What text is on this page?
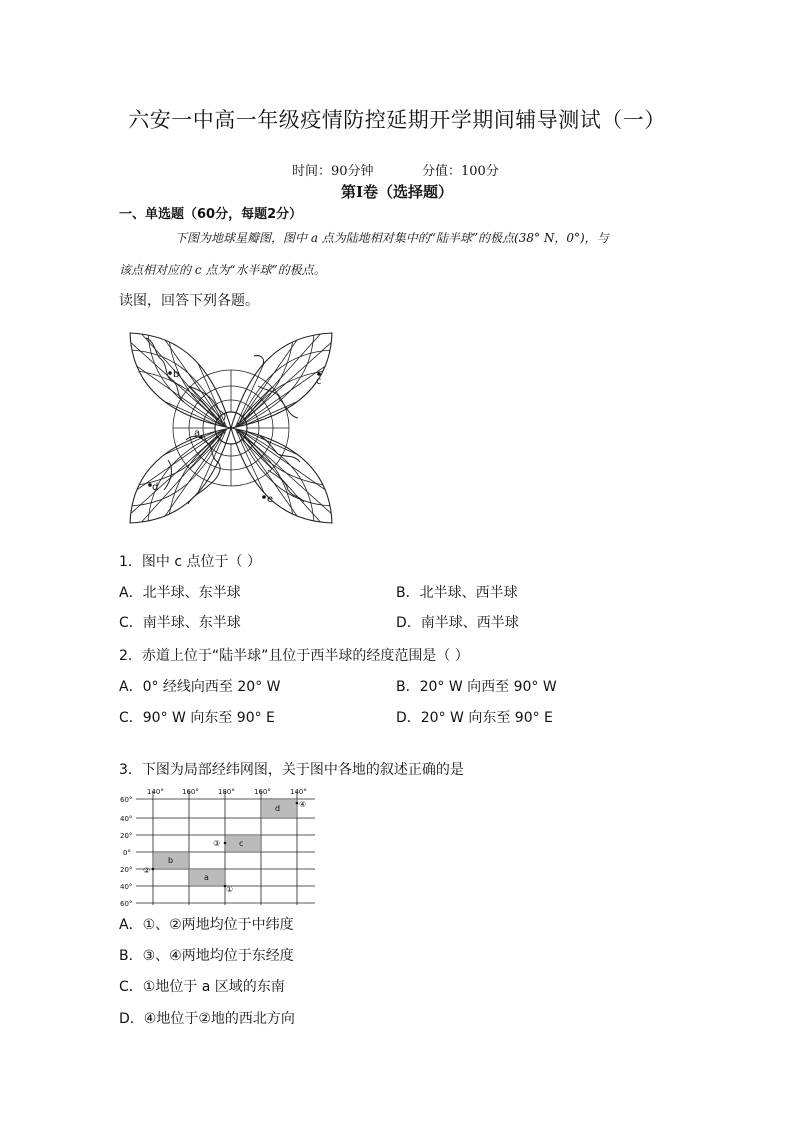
六安一中高一年级疫情防控延期开学期间辅导测试（一）
时间：90分钟	分值：100分
第Ⅰ卷（选择题）
一、单选题（60分，每题2分）
下图为地球星瓣图，图中 a 点为陆地相对集中的“陆半球”的极点(38° N，0°)，与
该点相对应的 c 点为“水半球”的极点。
读图，回答下列各题。
b
c
a
d
e
1．图中 c 点位于（ ）
A．北半球、东半球	B．北半球、西半球
C．南半球、东半球	D．南半球、西半球
2．赤道上位于“陆半球”且位于西半球的经度范围是（ ）
A．0° 经线向西至 20° W	B．20° W 向西至 90° W
C．90° W 向东至 90° E	D．20° W 向东至 90° E
3．下图为局部经纬网图，关于图中各地的叙述正确的是
140°	160°	180°	160°	140°
60°
40°
20°
0°
20°
40°
60°
d
c
b
a
④
③
②
①
A．①、②两地均位于中纬度
B．③、④两地均位于东经度
C．①地位于 a 区域的东南
D．④地位于②地的西北方向
